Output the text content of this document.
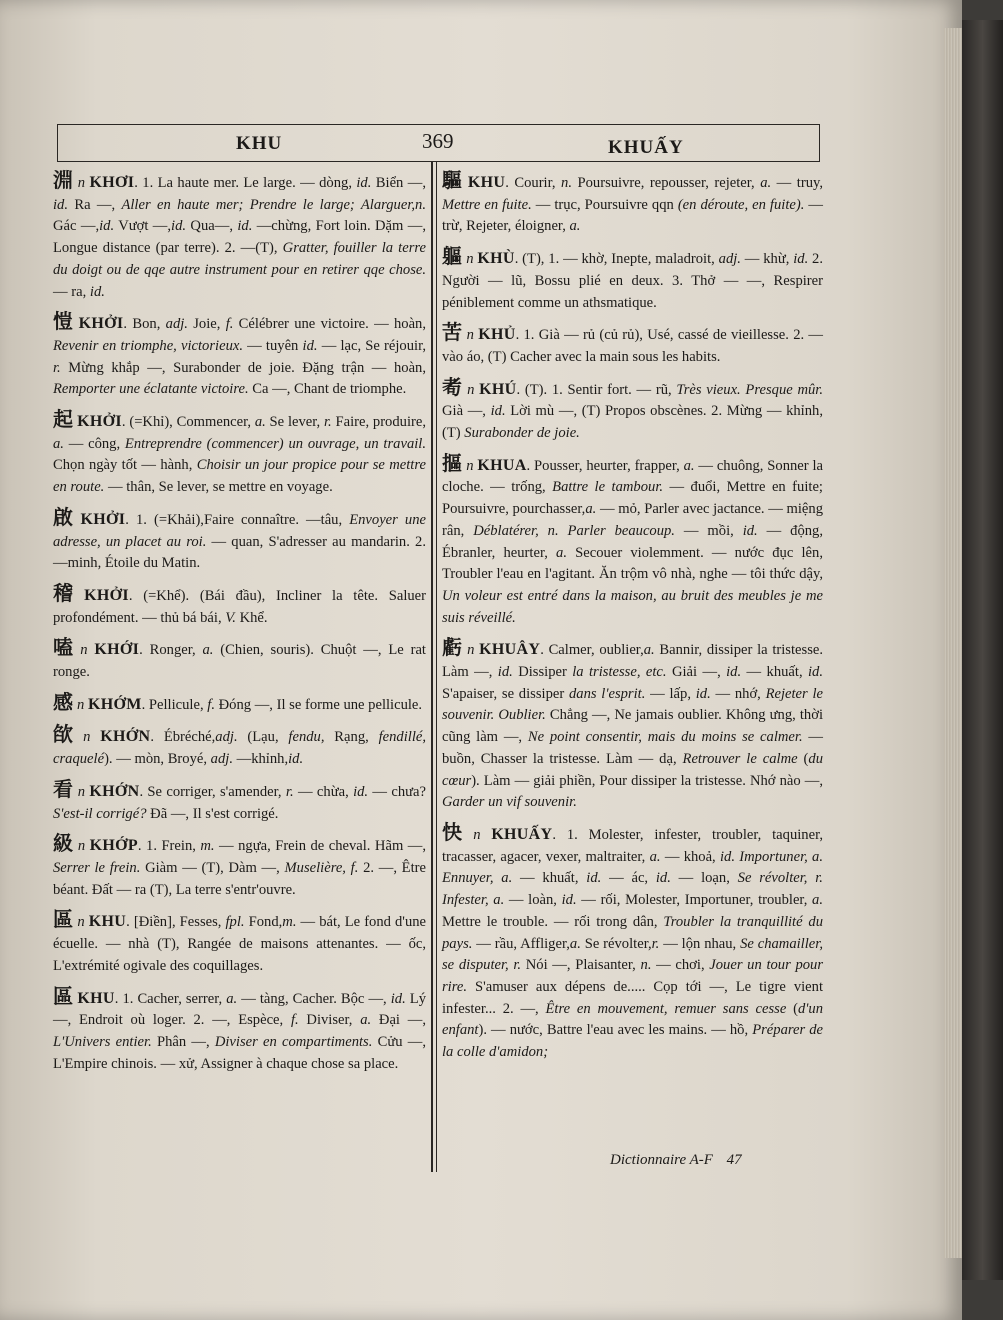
KHU	369	KHUẤY
淵 n KHƠI. 1. La haute mer. Le large. — dòng, id. Biển —, id. Ra —, Aller en haute mer; Prendre le large; Alarguer,n. Gác —,id. Vượt —,id. Qua—, id. —chừng, Fort loin. Dặm —, Longue distance (par terre). 2. —(T), Gratter, fouiller la terre du doigt ou de qqe autre instrument pour en retirer qqe chose. — ra, id.
愷 KHỞI. Bon, adj. Joie, f. Célébrer une victoire. — hoàn, Revenir en triomphe, victorieux. — tuyên id. — lạc, Se réjouir, r. Mừng khắp —, Surabonder de joie. Đặng trận — hoàn, Remporter une éclatante victoire. Ca —, Chant de triomphe.
起 KHỞI. (=Khỉ), Commencer, a. Se lever, r. Faire, produire, a. — công, Entreprendre (commencer) un ouvrage, un travail. Chọn ngày tốt — hành, Choisir un jour propice pour se mettre en route. — thân, Se lever, se mettre en voyage.
啟 KHỞI. 1. (=Khải),Faire connaître. —tâu, Envoyer une adresse, un placet au roi. — quan, S'adresser au mandarin. 2. —minh, Étoile du Matin.
稽 KHỞI. (=Khể). (Bái đầu), Incliner la tête. Saluer profondément. — thủ bá bái, V. Khể.
嗑 n KHỚI. Ronger, a. (Chien, souris). Chuột —, Le rat ronge.
感 n KHỚM. Pellicule, f. Đóng —, Il se forme une pellicule.
欿 n KHỚN. Ébréché,adj. (Lạu, fendu, Rạng, fendillé, craquelé). — mòn, Broyé, adj. —khỉnh,id.
看 n KHỚN. Se corriger, s'amender, r. — chừa, id. — chưa? S'est-il corrigé? Đã —, Il s'est corrigé.
級 n KHỚP. 1. Frein, m. — ngựa, Frein de cheval. Hãm —, Serrer le frein. Giàm — (T), Dàm —, Muselière, f. 2. —, Être béant. Đất — ra (T), La terre s'entr'ouvre.
區 n KHU. [Điền], Fesses, fpl. Fond,m. — bát, Le fond d'une écuelle. — nhà (T), Rangée de maisons attenantes. — ốc, L'extrémité ogivale des coquillages.
區 KHU. 1. Cacher, serrer, a. — tàng, Cacher. Bộc —, id. Lý —, Endroit où loger. 2. —, Espèce, f. Diviser, a. Đại —, L'Univers entier. Phân —, Diviser en compartiments. Cửu —, L'Empire chinois. — xử, Assigner à chaque chose sa place.
驅 KHU. Courir, n. Poursuivre, repousser, rejeter, a. — truy, Mettre en fuite. — trục, Poursuivre qqn (en déroute, en fuite). — trừ, Rejeter, éloigner, a.
軀 n KHÙ. (T), 1. — khờ, Inepte, maladroit, adj. — khừ, id. 2. Người — lũ, Bossu plié en deux. 3. Thở — —, Respirer péniblement comme un athsmatique.
苦 n KHỦ. 1. Già — rủ (củ rủ), Usé, cassé de vieillesse. 2. — vào áo, (T) Cacher avec la main sous les habits.
耇 n KHÚ. (T). 1. Sentir fort. — rũ, Très vieux. Presque mûr. Già —, id. Lời mù —, (T) Propos obscènes. 2. Mừng — khỉnh, (T) Surabonder de joie.
摳 n KHUA. Pousser, heurter, frapper, a. — chuông, Sonner la cloche. — trống, Battre le tambour. — đuổi, Mettre en fuite; Poursuivre, pourchasser,a. — mỏ, Parler avec jactance. — miệng rân, Déblatérer, n. Parler beaucoup. — mồi, id. — động, Ébranler, heurter, a. Secouer violemment. — nước đục lên, Troubler l'eau en l'agitant. Ăn trộm vô nhà, nghe — tôi thức dậy, Un voleur est entré dans la maison, au bruit des meubles je me suis réveillé.
虧 n KHUÂY. Calmer, oublier,a. Bannir, dissiper la tristesse. Làm —, id. Dissiper la tristesse, etc. Giải —, id. — khuất, id. S'apaiser, se dissiper dans l'esprit. — lấp, id. — nhớ, Rejeter le souvenir. Oublier. Chẳng —, Ne jamais oublier. Không ưng, thời cũng làm —, Ne point consentir, mais du moins se calmer. — buồn, Chasser la tristesse. Làm — dạ, Retrouver le calme (du cœur). Làm — giải phiền, Pour dissiper la tristesse. Nhớ nào —, Garder un vif souvenir.
快 n KHUẤY. 1. Molester, infester, troubler, taquiner, tracasser, agacer, vexer, maltraiter, a. — khoả, id. Importuner, a. Ennuyer, a. — khuất, id. — ác, id. — loạn, Se révolter, r. Infester, a. — loàn, id. — rối, Molester, Importuner, troubler, a. Mettre le trouble. — rối trong dân, Troubler la tranquillité du pays. — rầu, Affliger,a. Se révolter,r. — lộn nhau, Se chamailler, se disputer, r. Nói —, Plaisanter, n. — chơi, Jouer un tour pour rire. S'amuser aux dépens de..... Cọp tới —, Le tigre vient infester... 2. —, Être en mouvement, remuer sans cesse (d'un enfant). — nước, Battre l'eau avec les mains. — hồ, Préparer de la colle d'amidon;
Dictionnaire A-F 47
